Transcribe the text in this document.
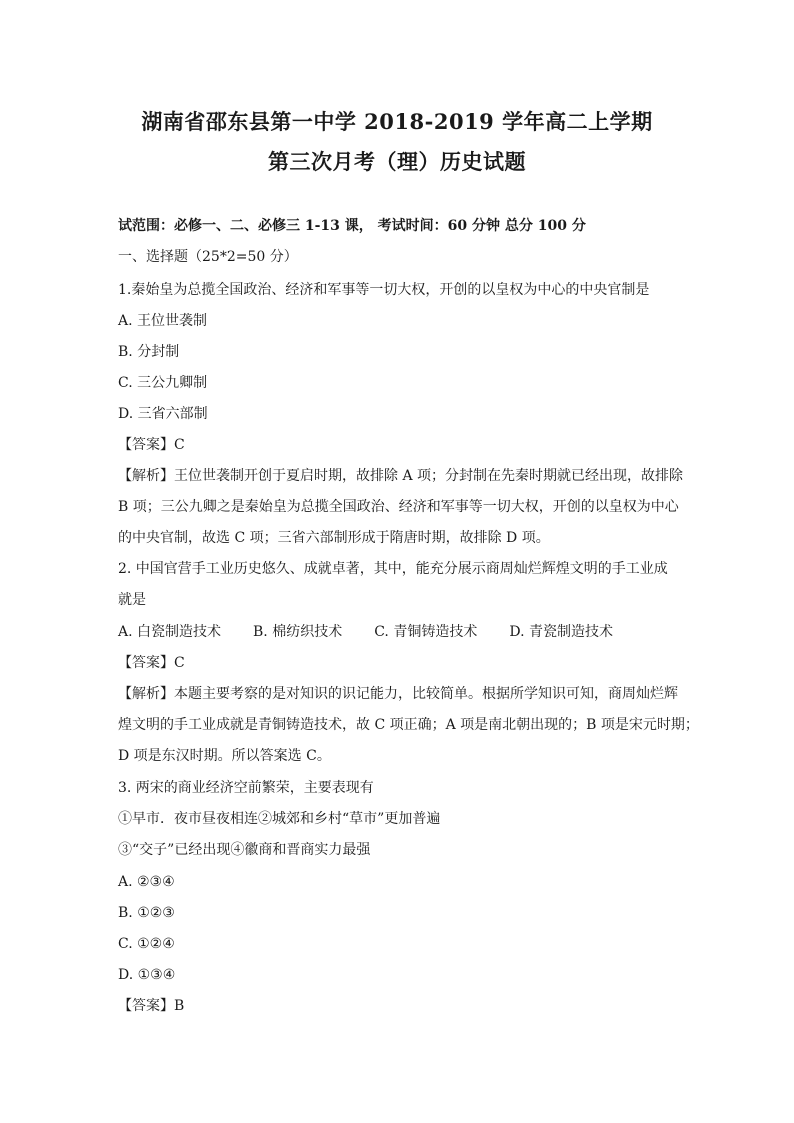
湖南省邵东县第一中学 2018-2019 学年高二上学期
第三次月考（理）历史试题
试范围：必修一、二、必修三 1-13 课， 考试时间：60 分钟 总分 100 分
一、选择题（25*2=50 分）
1.秦始皇为总揽全国政治、经济和军事等一切大权，开创的以皇权为中心的中央官制是
A. 王位世袭制
B. 分封制
C. 三公九卿制
D. 三省六部制
【答案】C
【解析】王位世袭制开创于夏启时期，故排除 A 项；分封制在先秦时期就已经出现，故排除
B 项；三公九卿之是秦始皇为总揽全国政治、经济和军事等一切大权，开创的以皇权为中心
的中央官制，故选 C 项；三省六部制形成于隋唐时期，故排除 D 项。
2. 中国官营手工业历史悠久、成就卓著，其中，能充分展示商周灿烂辉煌文明的手工业成
就是
A. 白瓷制造技术 B. 棉纺织技术 C. 青铜铸造技术 D. 青瓷制造技术
【答案】C
【解析】本题主要考察的是对知识的识记能力，比较简单。根据所学知识可知，商周灿烂辉
煌文明的手工业成就是青铜铸造技术，故 C 项正确；A 项是南北朝出现的；B 项是宋元时期；
D 项是东汉时期。所以答案选 C。
3. 两宋的商业经济空前繁荣，主要表现有
①早市．夜市昼夜相连②城郊和乡村“草市”更加普遍
③“交子”已经出现④徽商和晋商实力最强
A. ②③④
B. ①②③
C. ①②④
D. ①③④
【答案】B
